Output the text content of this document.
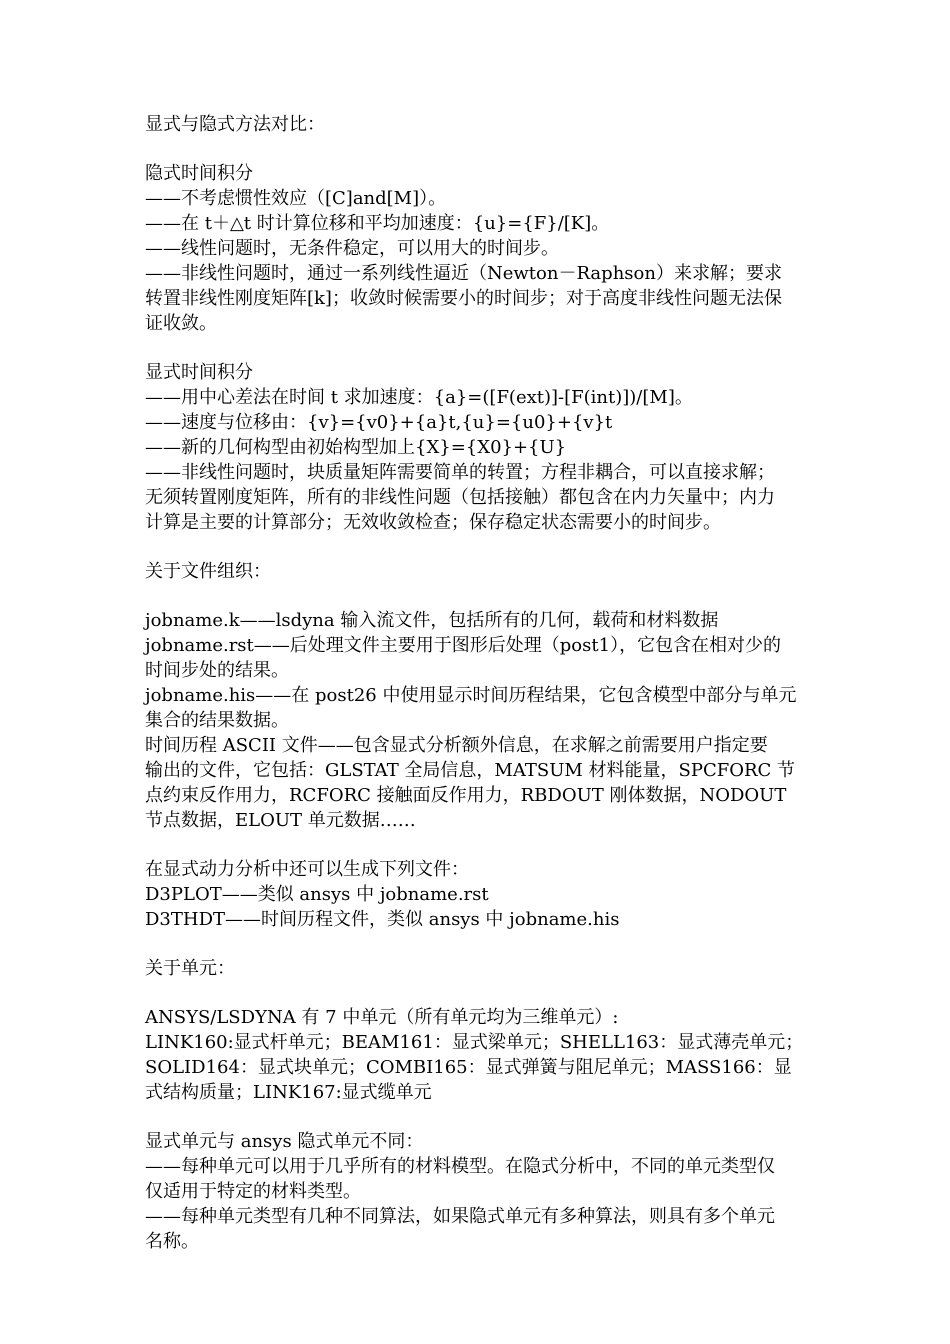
显式与隐式方法对比：

隐式时间积分
——不考虑惯性效应（[C]and[M]）。
——在 t＋△t 时计算位移和平均加速度：{u}={F}/[K]。
——线性问题时，无条件稳定，可以用大的时间步。
——非线性问题时，通过一系列线性逼近（Newton－Raphson）来求解；要求
转置非线性刚度矩阵[k]；收敛时候需要小的时间步；对于高度非线性问题无法保
证收敛。

显式时间积分
——用中心差法在时间 t 求加速度：{a}=([F(ext)]-[F(int)])/[M]。
——速度与位移由：{v}={v0}+{a}t,{u}={u0}+{v}t
——新的几何构型由初始构型加上{X}={X0}+{U}
——非线性问题时，块质量矩阵需要简单的转置；方程非耦合，可以直接求解；
无须转置刚度矩阵，所有的非线性问题（包括接触）都包含在内力矢量中；内力
计算是主要的计算部分；无效收敛检查；保存稳定状态需要小的时间步。

关于文件组织：

jobname.k——lsdyna 输入流文件，包括所有的几何，载荷和材料数据
jobname.rst——后处理文件主要用于图形后处理（post1），它包含在相对少的
时间步处的结果。
jobname.his——在 post26 中使用显示时间历程结果，它包含模型中部分与单元
集合的结果数据。
时间历程 ASCII 文件——包含显式分析额外信息，在求解之前需要用户指定要
输出的文件，它包括：GLSTAT 全局信息，MATSUM 材料能量，SPCFORC 节
点约束反作用力，RCFORC 接触面反作用力，RBDOUT 刚体数据，NODOUT
节点数据，ELOUT 单元数据……

在显式动力分析中还可以生成下列文件：
D3PLOT——类似 ansys 中 jobname.rst
D3THDT——时间历程文件，类似 ansys 中 jobname.his

关于单元：

ANSYS/LSDYNA 有 7 中单元（所有单元均为三维单元）:
LINK160:显式杆单元；BEAM161：显式梁单元；SHELL163：显式薄壳单元；
SOLID164：显式块单元；COMBI165：显式弹簧与阻尼单元；MASS166：显
式结构质量；LINK167:显式缆单元

显式单元与 ansys 隐式单元不同：
——每种单元可以用于几乎所有的材料模型。在隐式分析中，不同的单元类型仅
仅适用于特定的材料类型。
——每种单元类型有几种不同算法，如果隐式单元有多种算法，则具有多个单元
名称。
